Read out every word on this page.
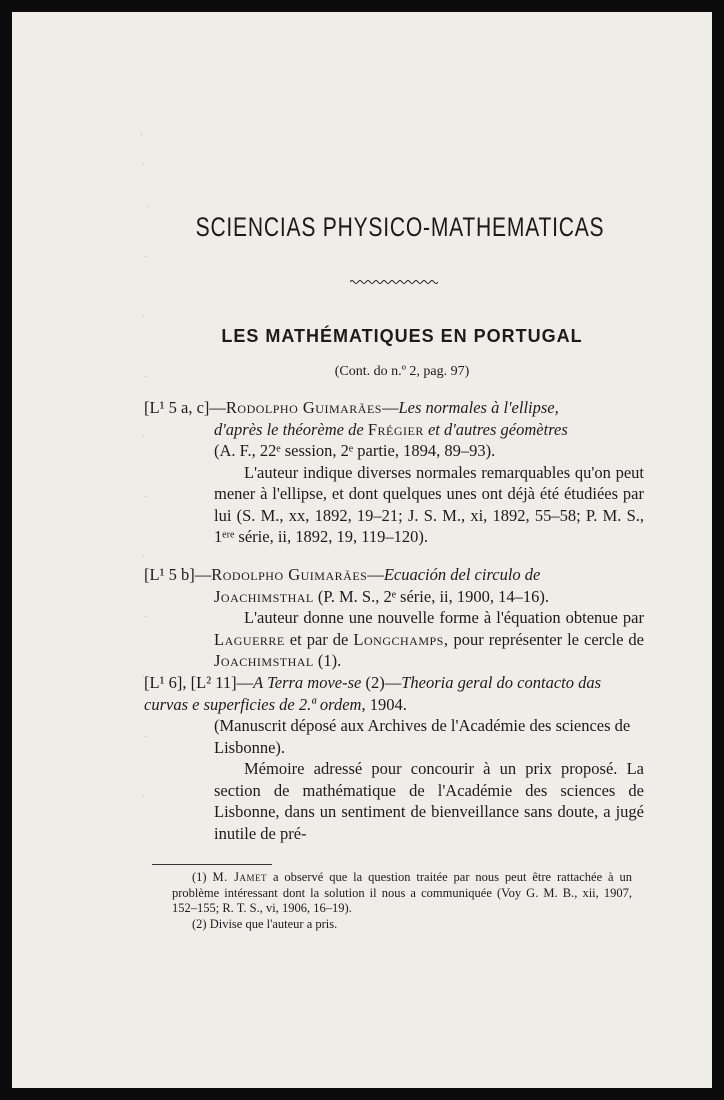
·
·
·
·
·
·
·
·
·
·
·
·
·
SCIENCIAS PHYSICO-MATHEMATICAS
LES MATHÉMATIQUES EN PORTUGAL
(Cont. do n.º 2, pag. 97)
[L¹ 5 a, c]—Rodolpho Guimarães—Les normales à l'ellipse,
d'après le théorème de Frégier et d'autres géomètres
(A. F., 22ᵉ session, 2ᵉ partie, 1894, 89–93).
L'auteur indique diverses normales remarquables qu'on peut mener à l'ellipse, et dont quelques unes ont déjà été étudiées par lui (S. M., xx, 1892, 19–21; J. S. M., xi, 1892, 55–58; P. M. S., 1ᵉʳᵉ série, ii, 1892, 19, 119–120).
[L¹ 5 b]—Rodolpho Guimarães—Ecuación del circulo de
Joachimsthal (P. M. S., 2ᵉ série, ii, 1900, 14–16).
L'auteur donne une nouvelle forme à l'équation obtenue par Laguerre et par de Longchamps, pour représenter le cercle de Joachimsthal (1).
[L¹ 6], [L² 11]—A Terra move-se (2)—Theoria geral do contacto das curvas e superficies de 2.ª ordem, 1904.
(Manuscrit déposé aux Archives de l'Académie des sciences de Lisbonne).
Mémoire adressé pour concourir à un prix proposé. La section de mathématique de l'Académie des sciences de Lisbonne, dans un sentiment de bienveillance sans doute, a jugé inutile de pré-
(1) M. Jamet a observé que la question traitée par nous peut être rattachée à un problème intéressant dont la solution il nous a communiquée (Voy G. M. B., xii, 1907, 152–155; R. T. S., vi, 1906, 16–19).
(2) Divise que l'auteur a pris.
